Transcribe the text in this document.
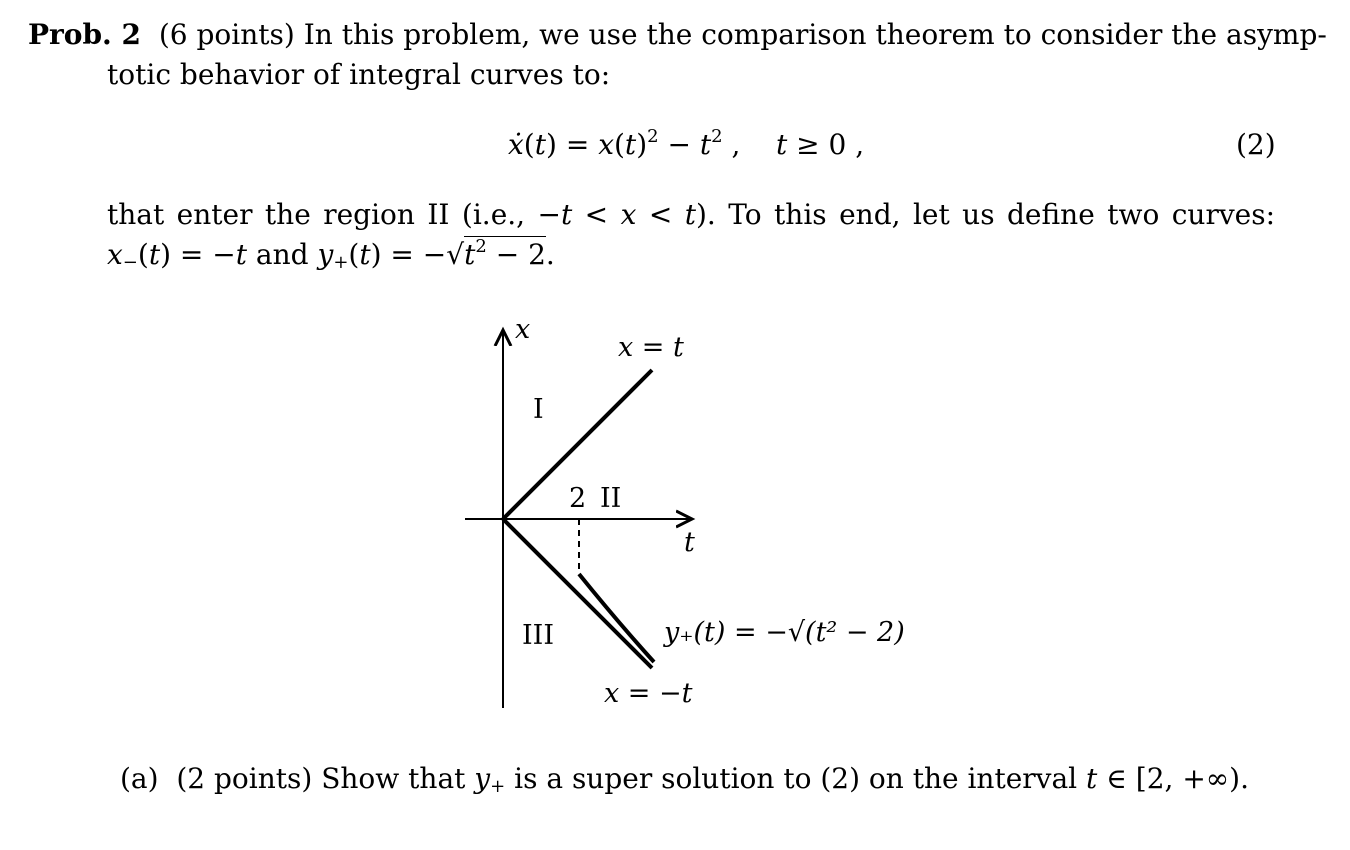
Prob. 2 (6 points) In this problem, we use the comparison theorem to consider the asymp-
totic behavior of integral curves to:
ẋ(t) = $x(t)^2 - t^2$ ,    t ≥ 0 ,	(2)
that enter the region II (i.e., −t < x < t). To this end, let us define two curves:
$x_-(t) = -t$ and $y_+(t) = -√t^2 - 2$.
x
x = t
I
2 II
t
III	y₊(t) = −√(t² − 2)
x = −t
(a) (2 points) Show that $y_+$ is a super solution to (2) on the interval t ∈ [2, +∞).
